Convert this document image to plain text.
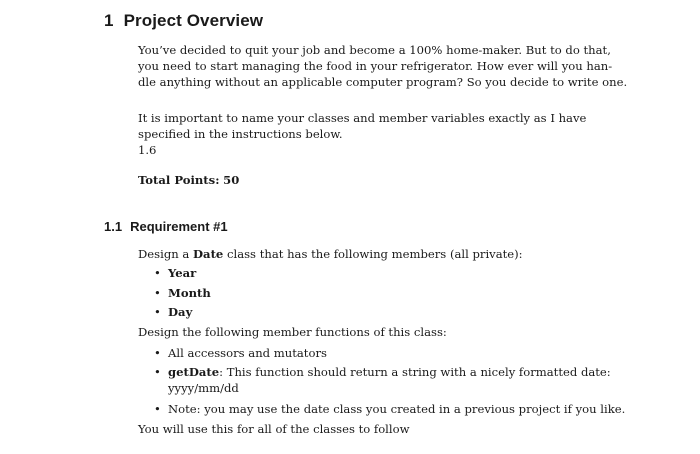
1 Project Overview
You’ve decided to quit your job and become a 100% home-maker. But to do that,
you need to start managing the food in your refrigerator. How ever will you han-
dle anything without an applicable computer program? So you decide to write one.
It is important to name your classes and member variables exactly as I have
specified in the instructions below.
1.6
Total Points: 50
1.1 Requirement #1
Design a Date class that has the following members (all private):
• Year
• Month
• Day
Design the following member functions of this class:
• All accessors and mutators
• getDate: This function should return a string with a nicely formatted date:
yyyy/mm/dd
• Note: you may use the date class you created in a previous project if you like.
You will use this for all of the classes to follow
